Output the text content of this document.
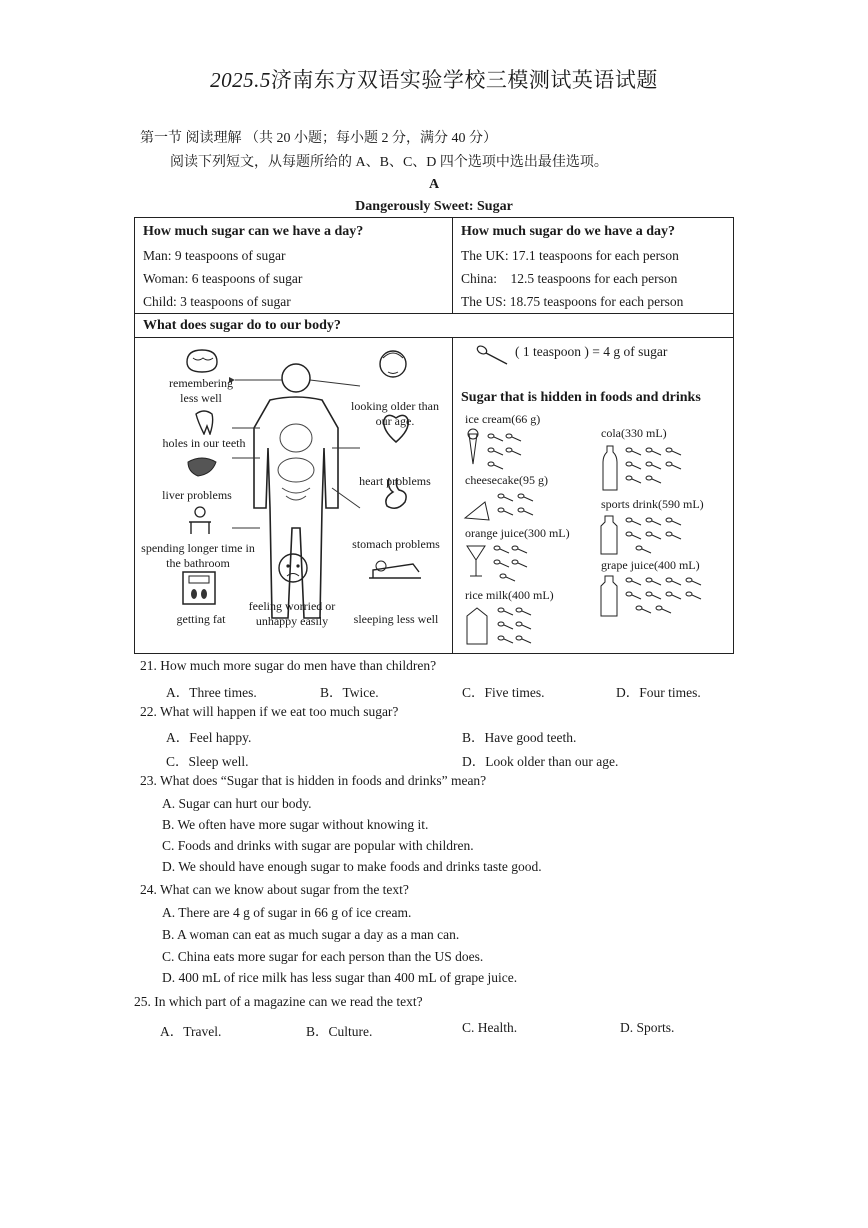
2025.5济南东方双语实验学校三模测试英语试题
第一节 阅读理解 （共 20 小题；每小题 2 分，满分 40 分）
阅读下列短文，从每题所给的 A、B、C、D 四个选项中选出最佳选项。
A
Dangerously Sweet: Sugar
How much sugar can we have a day?
Man: 9 teaspoons of sugar
Woman: 6 teaspoons of sugar
Child: 3 teaspoons of sugar
How much sugar do we have a day?
The UK: 17.1 teaspoons for each person
China:    12.5 teaspoons for each person
The US: 18.75 teaspoons for each person
What does sugar do to our body?
remembering less well
holes in our teeth
liver problems
spending longer time in the bathroom
getting fat
feeling worried or unhappy easily
looking older than our age.
heart problems
stomach problems
sleeping less well
( 1 teaspoon ) = 4 g of sugar
Sugar that is hidden in foods and drinks
ice cream(66 g)
cheesecake(95 g)
orange juice(300 mL)
rice milk(400 mL)
cola(330 mL)
sports drink(590 mL)
grape juice(400 mL)
21. How much more sugar do men have than children?
A．Three times.	B．Twice.	C．Five times.	D．Four times.
22. What will happen if we eat too much sugar?
A．Feel happy.	B．Have good teeth.
C．Sleep well.	D．Look older than our age.
23. What does “Sugar that is hidden in foods and drinks” mean?
A. Sugar can hurt our body.
B. We often have more sugar without knowing it.
C. Foods and drinks with sugar are popular with children.
D. We should have enough sugar to make foods and drinks taste good.
24. What can we know about sugar from the text?
A. There are 4 g of sugar in 66 g of ice cream.
B. A woman can eat as much sugar a day as a man can.
C. China eats more sugar for each person than the US does.
D. 400 mL of rice milk has less sugar than 400 mL of grape juice.
25. In which part of a magazine can we read the text?
A．Travel.	B．Culture.	C. Health.	D. Sports.
